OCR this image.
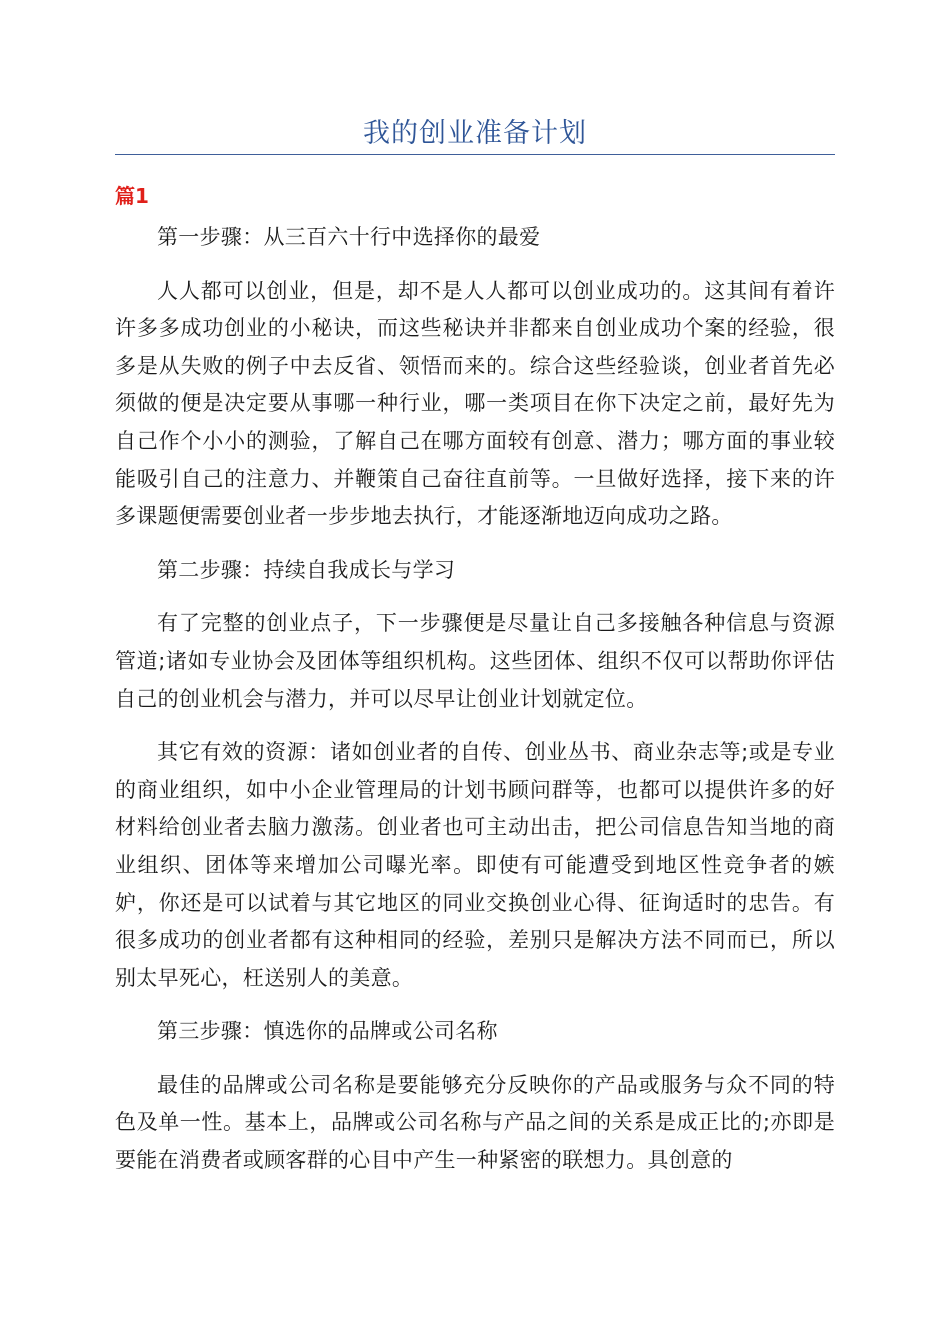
我的创业准备计划
篇1

第一步骤：从三百六十行中选择你的最爱

人人都可以创业，但是，却不是人人都可以创业成功的。这其间有着许许多多成功创业的小秘诀，而这些秘诀并非都来自创业成功个案的经验，很多是从失败的例子中去反省、领悟而来的。综合这些经验谈，创业者首先必须做的便是决定要从事哪一种行业，哪一类项目在你下决定之前，最好先为自己作个小小的测验，了解自己在哪方面较有创意、潜力；哪方面的事业较能吸引自己的注意力、并鞭策自己奋往直前等。一旦做好选择，接下来的许多课题便需要创业者一步步地去执行，才能逐渐地迈向成功之路。

第二步骤：持续自我成长与学习

有了完整的创业点子，下一步骤便是尽量让自己多接触各种信息与资源管道;诸如专业协会及团体等组织机构。这些团体、组织不仅可以帮助你评估自己的创业机会与潜力，并可以尽早让创业计划就定位。

其它有效的资源：诸如创业者的自传、创业丛书、商业杂志等;或是专业的商业组织，如中小企业管理局的计划书顾问群等，也都可以提供许多的好材料给创业者去脑力激荡。创业者也可主动出击，把公司信息告知当地的商业组织、团体等来增加公司曝光率。即使有可能遭受到地区性竞争者的嫉妒，你还是可以试着与其它地区的同业交换创业心得、征询适时的忠告。有很多成功的创业者都有这种相同的经验，差别只是解决方法不同而已，所以别太早死心，枉送别人的美意。

第三步骤：慎选你的品牌或公司名称

最佳的品牌或公司名称是要能够充分反映你的产品或服务与众不同的特色及单一性。基本上，品牌或公司名称与产品之间的关系是成正比的;亦即是要能在消费者或顾客群的心目中产生一种紧密的联想力。具创意的
